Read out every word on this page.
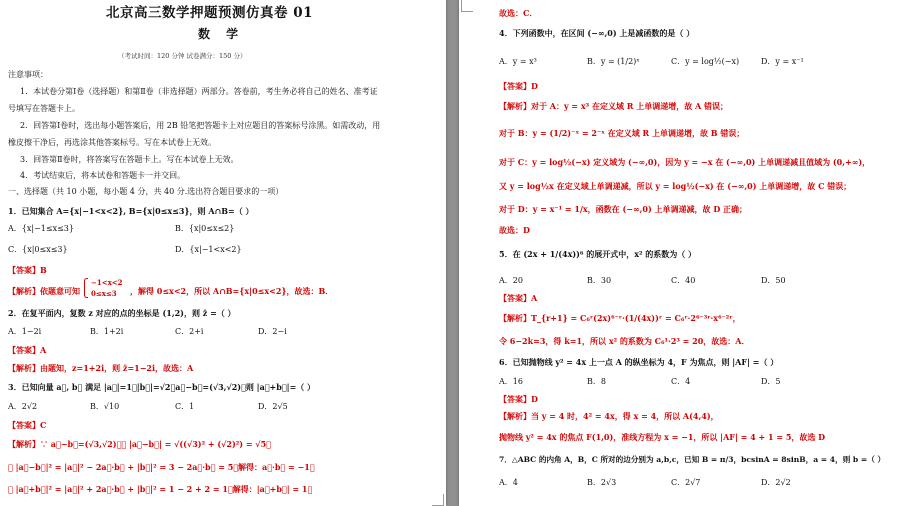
北京高三数学押题预测仿真卷 01
数 学
（考试时间：120 分钟 试卷满分：150 分）
注意事项：
1．本试卷分第Ⅰ卷（选择题）和第Ⅱ卷（非选择题）两部分。答卷前，考生务必将自己的姓名、准考证
号填写在答题卡上。
2．回答第Ⅰ卷时，选出每小题答案后，用 2B 铅笔把答题卡上对应题目的答案标号涂黑。如需改动，用
橡皮擦干净后，再选涂其他答案标号。写在本试卷上无效。
3．回答第Ⅱ卷时，将答案写在答题卡上。写在本试卷上无效。
4．考试结束后，将本试卷和答题卡一并交回。
一、选择题（共 10 小题，每小题 4 分，共 40 分.选出符合题目要求的一项）
1．已知集合 A={x|−1<x<2}, B={x|0≤x≤3}，则 A∩B=（ ）
A．{x|−1≤x≤3}	B．{x|0≤x≤2}
C．{x|0≤x≤3}	D．{x|−1<x<2}
【答案】B
【解析】依题意可知
−1<x<2
0≤x≤3 ，解得 0≤x<2，所以 A∩B={x|0≤x<2}，故选：B．
2．在复平面内，复数 z 对应的点的坐标是 (1,2)，则 z̄ =（ ）
A．1−2i	B．1+2i	C．2+i	D．2−i
【答案】A
【解析】由题知，z=1+2i，则 z̄=1−2i，故选：A
3．已知向量 a⃗, b⃗ 满足 |a⃗|=1，|b⃗|=√2，a⃗−b⃗=(√3,√2)，则 |a⃗+b⃗|=（ ）
A．2√2	B．√10	C．1	D．2√5
【答案】C
【解析】∵ a⃗−b⃗=(√3,√2)，∴ |a⃗−b⃗| = √((√3)² + (√2)²) = √5，
∴ |a⃗−b⃗|² = |a⃗|² − 2a⃗·b⃗ + |b⃗|² = 3 − 2a⃗·b⃗ = 5，解得：a⃗·b⃗ = −1，
∴ |a⃗+b⃗|² = |a⃗|² + 2a⃗·b⃗ + |b⃗|² = 1 − 2 + 2 = 1，解得：|a⃗+b⃗| = 1．
故选：C．
4．下列函数中，在区间 (−∞,0) 上是减函数的是（ ）
A．y = x³	B．y = (1/2)ˣ	C．y = log½(−x)	D．y = x⁻¹
【答案】D
【解析】对于 A：y = x³ 在定义域 R 上单调递增，故 A 错误；
对于 B：y = (1/2)⁻ˣ = 2⁻ˣ 在定义域 R 上单调递增，故 B 错误；
对于 C：y = log½(−x) 定义域为 (−∞,0)，因为 y = −x 在 (−∞,0) 上单调递减且值域为 (0,+∞)，
又 y = log½x 在定义域上单调递减，所以 y = log½(−x) 在 (−∞,0) 上单调递增，故 C 错误；
对于 D：y = x⁻¹ = 1/x，函数在 (−∞,0) 上单调递减，故 D 正确；
故选：D
5．在 (2x + 1/(4x))⁶ 的展开式中，x² 的系数为（ ）
A．20	B．30	C．40	D．50
【答案】A
【解析】T_{r+1} = C₆ʳ(2x)⁶⁻ʳ·(1/(4x))ʳ = C₆ʳ·2⁶⁻³ʳ·x⁶⁻²ʳ，
令 6−2k=3，得 k=1，所以 x² 的系数为 C₆¹·2³ = 20，故选：A．
6．已知抛物线 y² = 4x 上一点 A 的纵坐标为 4，F 为焦点，则 |AF| =（ ）
A．16	B．8	C．4	D．5
【答案】D
【解析】当 y = 4 时，4² = 4x，得 x = 4，所以 A(4,4)，
抛物线 y² = 4x 的焦点 F(1,0)，准线方程为 x = −1，所以 |AF| = 4 + 1 = 5，故选 D
7．△ABC 的内角 A，B，C 所对的边分别为 a,b,c，已知 B = π/3，bcsinA = 8sinB，a = 4，则 b =（ ）
A．4	B．2√3	C．2√7	D．2√2
